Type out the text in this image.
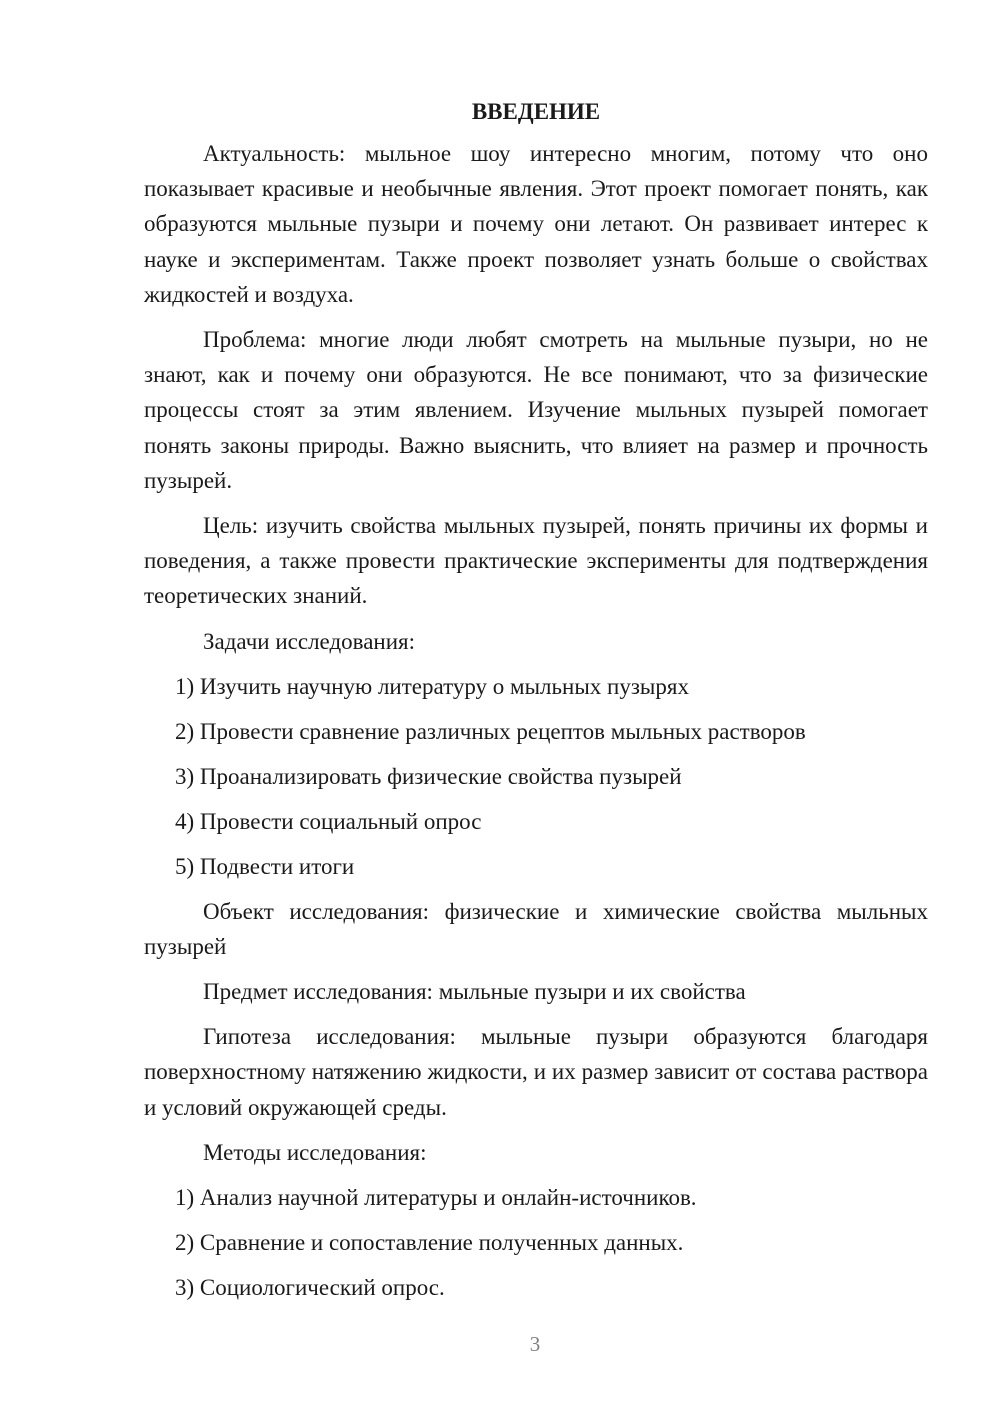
ВВЕДЕНИЕ

Актуальность: мыльное шоу интересно многим, потому что оно показывает красивые и необычные явления. Этот проект помогает понять, как образуются мыльные пузыри и почему они летают. Он развивает интерес к науке и экспериментам. Также проект позволяет узнать больше о свойствах жидкостей и воздуха.

Проблема: многие люди любят смотреть на мыльные пузыри, но не знают, как и почему они образуются. Не все понимают, что за физические процессы стоят за этим явлением. Изучение мыльных пузырей помогает понять законы природы. Важно выяснить, что влияет на размер и прочность пузырей.

Цель: изучить свойства мыльных пузырей, понять причины их формы и поведения, а также провести практические эксперименты для подтверждения теоретических знаний.

Задачи исследования:

1) Изучить научную литературу о мыльных пузырях
2) Провести сравнение различных рецептов мыльных растворов
3) Проанализировать физические свойства пузырей
4) Провести социальный опрос
5) Подвести итоги

Объект исследования: физические и химические свойства мыльных пузырей

Предмет исследования: мыльные пузыри и их свойства

Гипотеза исследования: мыльные пузыри образуются благодаря поверхностному натяжению жидкости, и их размер зависит от состава раствора и условий окружающей среды.

Методы исследования:

1) Анализ научной литературы и онлайн-источников.
2) Сравнение и сопоставление полученных данных.
3) Социологический опрос.
3
